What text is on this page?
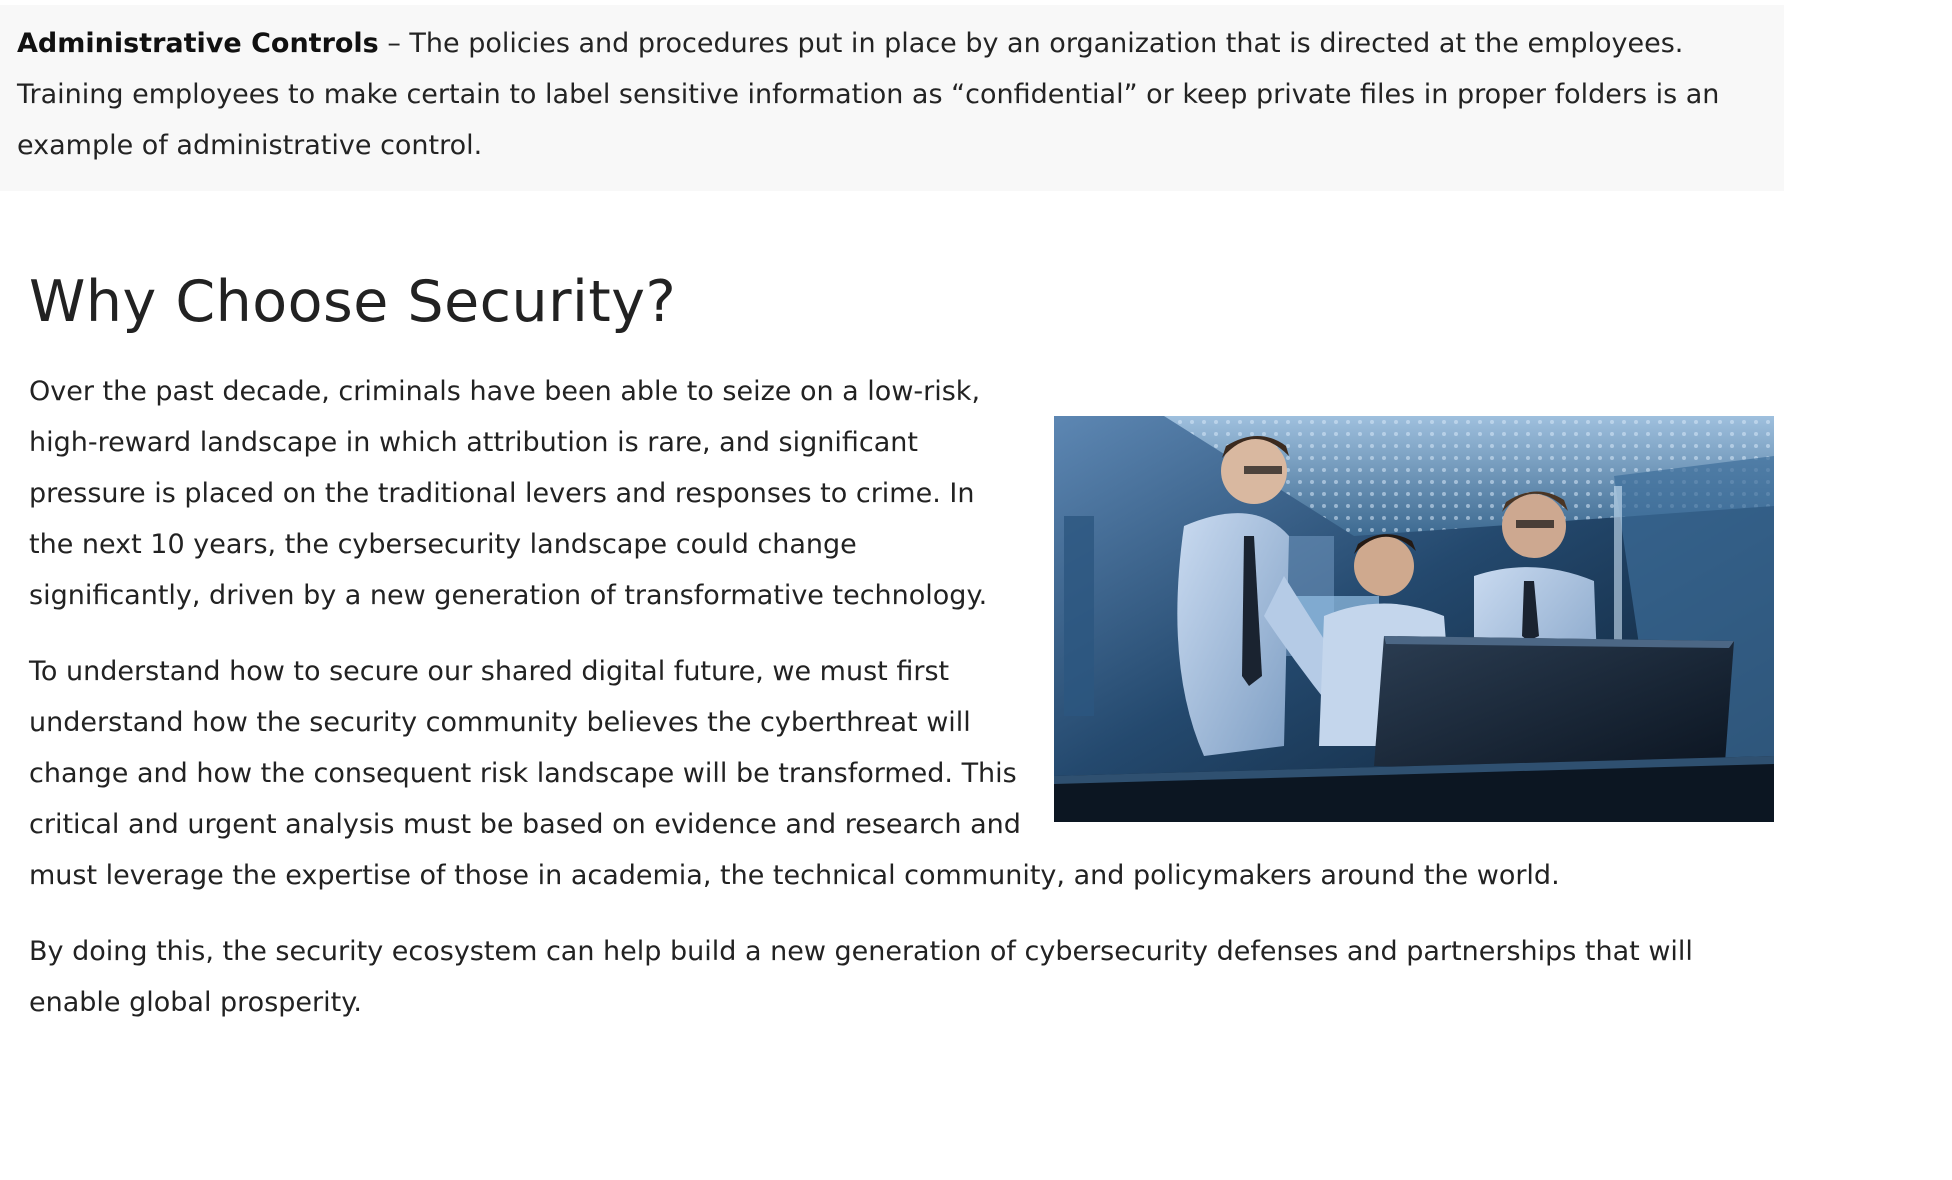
Administrative Controls – The policies and procedures put in place by an organization that is directed at the employees. Training employees to make certain to label sensitive information as “confidential” or keep private files in proper folders is an example of administrative control.

Why Choose Security?

Over the past decade, criminals have been able to seize on a low-risk, high-reward landscape in which attribution is rare, and significant pressure is placed on the traditional levers and responses to crime. In the next 10 years, the cybersecurity landscape could change significantly, driven by a new generation of transformative technology.

To understand how to secure our shared digital future, we must first understand how the security community believes the cyberthreat will change and how the consequent risk landscape will be transformed. This critical and urgent analysis must be based on evidence and research and must leverage the expertise of those in academia, the technical community, and policymakers around the world.

By doing this, the security ecosystem can help build a new generation of cybersecurity defenses and partnerships that will enable global prosperity.
